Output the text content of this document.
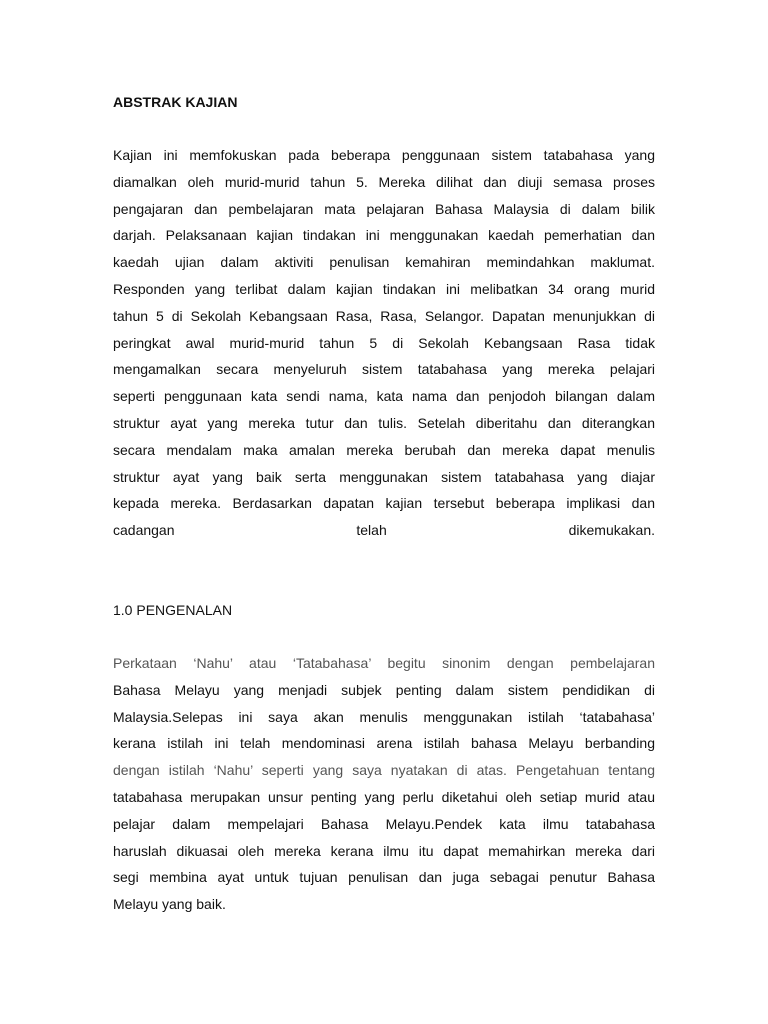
ABSTRAK KAJIAN
Kajian ini memfokuskan pada beberapa penggunaan sistem tatabahasa yang
diamalkan oleh murid-murid tahun 5. Mereka dilihat dan diuji semasa proses
pengajaran dan pembelajaran mata pelajaran Bahasa Malaysia di dalam bilik
darjah. Pelaksanaan kajian tindakan ini menggunakan kaedah pemerhatian dan
kaedah ujian dalam aktiviti penulisan kemahiran memindahkan maklumat.
Responden yang terlibat dalam kajian tindakan ini melibatkan 34 orang murid
tahun 5 di Sekolah Kebangsaan Rasa, Rasa, Selangor. Dapatan menunjukkan di
peringkat awal murid-murid tahun 5 di Sekolah Kebangsaan Rasa tidak
mengamalkan secara menyeluruh sistem tatabahasa yang mereka pelajari
seperti penggunaan kata sendi nama, kata nama dan penjodoh bilangan dalam
struktur ayat yang mereka tutur dan tulis. Setelah diberitahu dan diterangkan
secara mendalam maka amalan mereka berubah dan mereka dapat menulis
struktur ayat yang baik serta menggunakan sistem tatabahasa yang diajar
kepada mereka. Berdasarkan dapatan kajian tersebut beberapa implikasi dan
cadangan telah dikemukakan.
1.0 PENGENALAN
Perkataan ‘Nahu’ atau ‘Tatabahasa’ begitu sinonim dengan pembelajaran
Bahasa Melayu yang menjadi subjek penting dalam sistem pendidikan di
Malaysia.Selepas ini saya akan menulis menggunakan istilah ‘tatabahasa’
kerana istilah ini telah mendominasi arena istilah bahasa Melayu berbanding
dengan istilah ‘Nahu’ seperti yang saya nyatakan di atas. Pengetahuan tentang
tatabahasa merupakan unsur penting yang perlu diketahui oleh setiap murid atau
pelajar dalam mempelajari Bahasa Melayu.Pendek kata ilmu tatabahasa
haruslah dikuasai oleh mereka kerana ilmu itu dapat memahirkan mereka dari
segi membina ayat untuk tujuan penulisan dan juga sebagai penutur Bahasa
Melayu yang baik.
